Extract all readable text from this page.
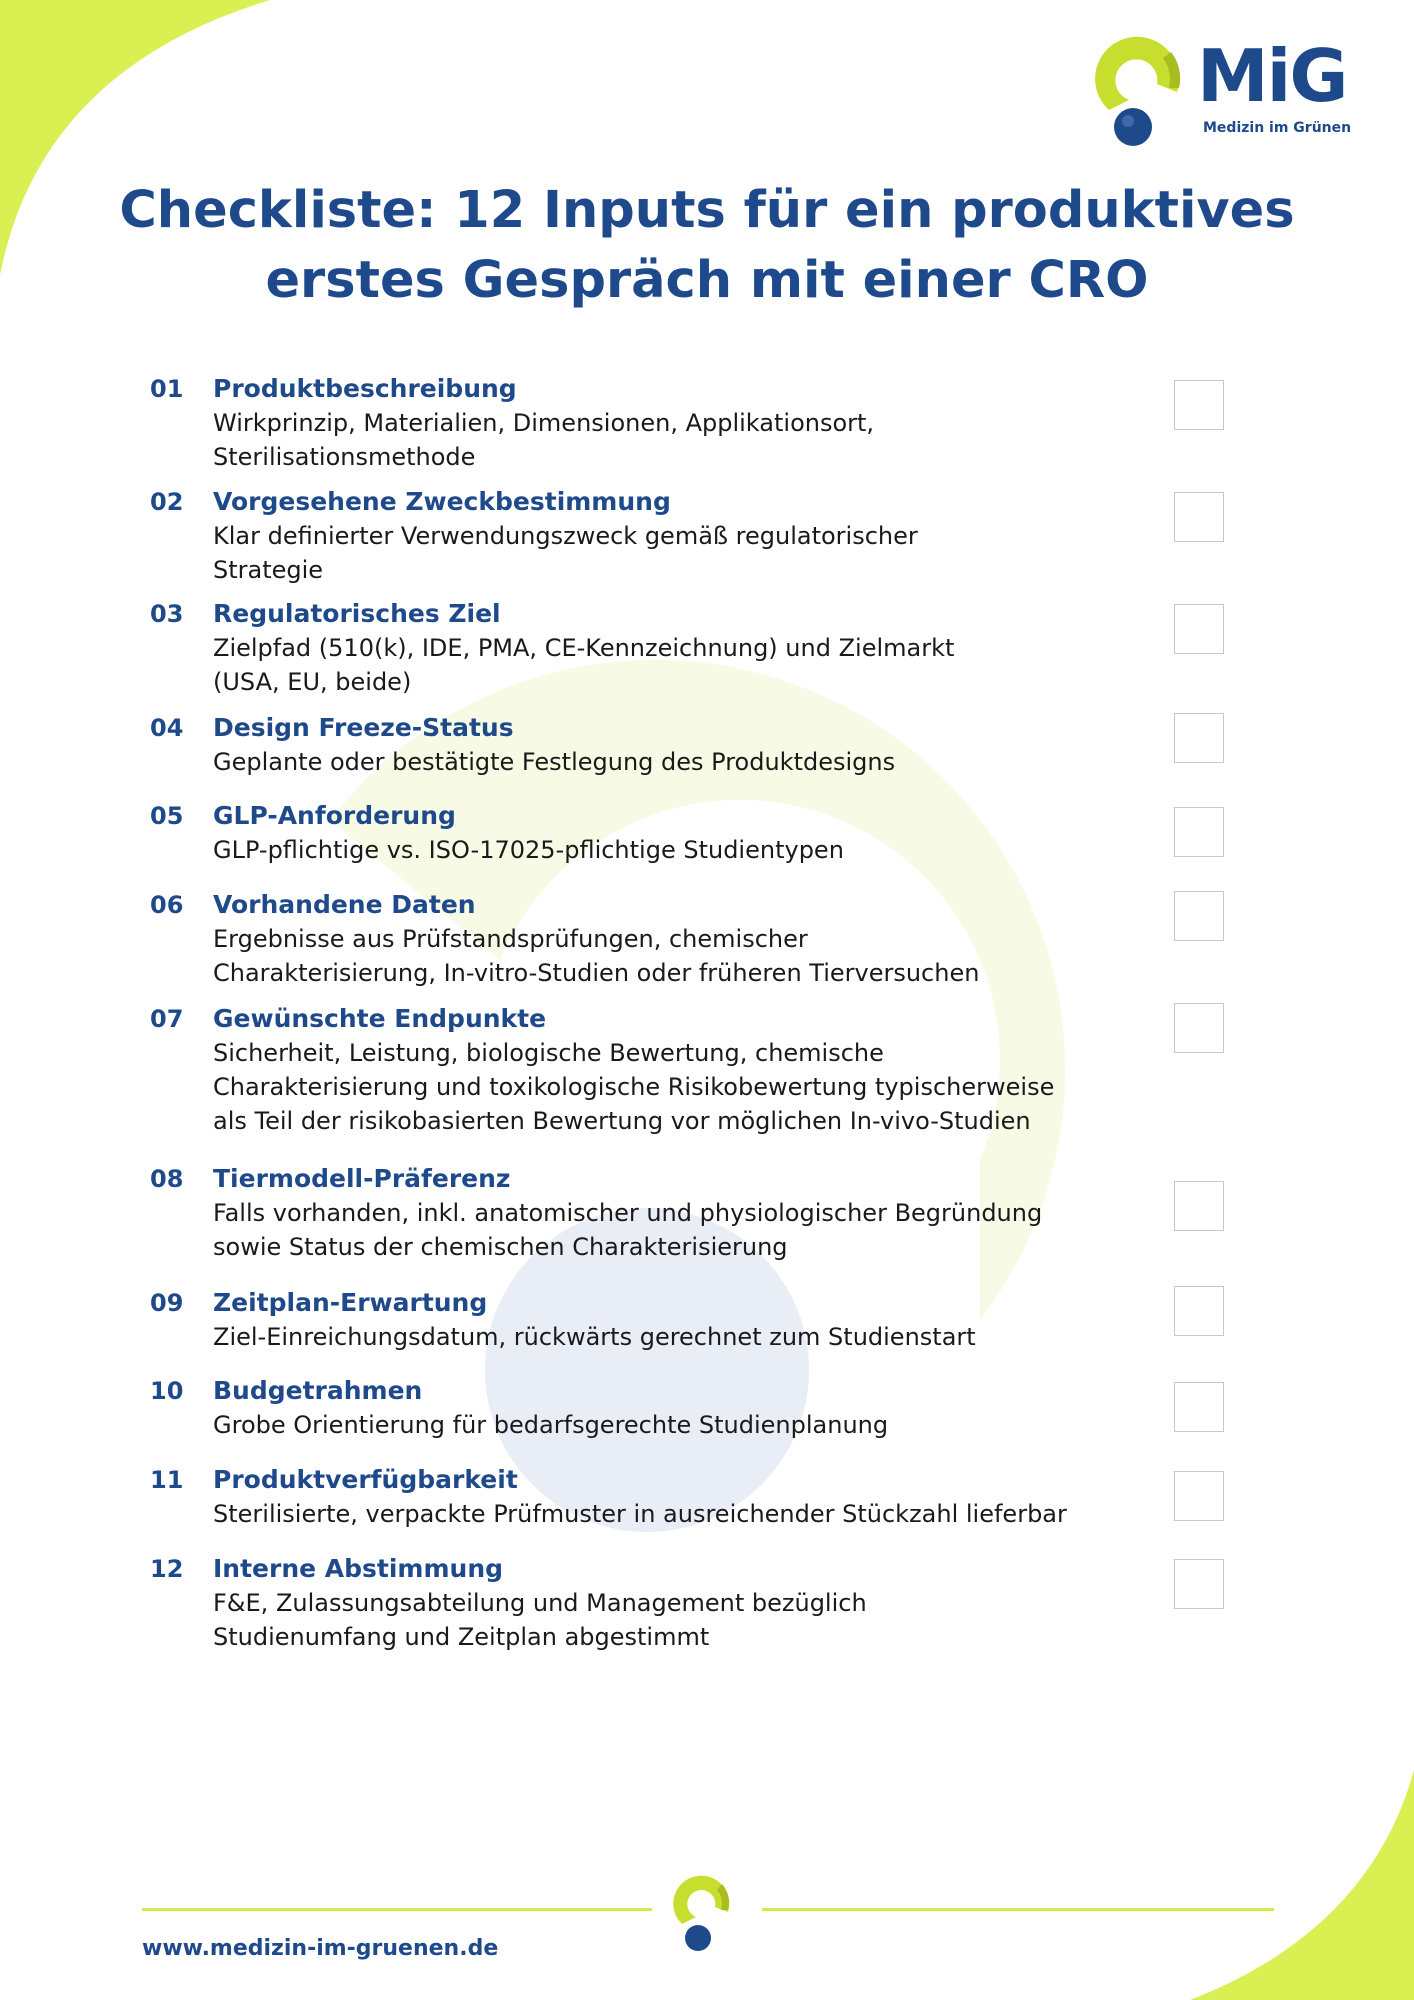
MiG
Medizin im Grünen
Checkliste: 12 Inputs für ein produktives
erstes Gespräch mit einer CRO
01	Produktbeschreibung
Wirkprinzip, Materialien, Dimensionen, Applikationsort,
Sterilisationsmethode
02	Vorgesehene Zweckbestimmung
Klar definierter Verwendungszweck gemäß regulatorischer
Strategie
03	Regulatorisches Ziel
Zielpfad (510(k), IDE, PMA, CE-Kennzeichnung) und Zielmarkt
(USA, EU, beide)
04	Design Freeze-Status
Geplante oder bestätigte Festlegung des Produktdesigns
05	GLP-Anforderung
GLP-pflichtige vs. ISO-17025-pflichtige Studientypen
06	Vorhandene Daten
Ergebnisse aus Prüfstandsprüfungen, chemischer
Charakterisierung, In-vitro-Studien oder früheren Tierversuchen
07	Gewünschte Endpunkte
Sicherheit, Leistung, biologische Bewertung, chemische
Charakterisierung und toxikologische Risikobewertung typischerweise
als Teil der risikobasierten Bewertung vor möglichen In-vivo-Studien
08	Tiermodell-Präferenz
Falls vorhanden, inkl. anatomischer und physiologischer Begründung
sowie Status der chemischen Charakterisierung
09	Zeitplan-Erwartung
Ziel-Einreichungsdatum, rückwärts gerechnet zum Studienstart
10	Budgetrahmen
Grobe Orientierung für bedarfsgerechte Studienplanung
11	Produktverfügbarkeit
Sterilisierte, verpackte Prüfmuster in ausreichender Stückzahl lieferbar
12	Interne Abstimmung
F&E, Zulassungsabteilung und Management bezüglich
Studienumfang und Zeitplan abgestimmt
www.medizin-im-gruenen.de
